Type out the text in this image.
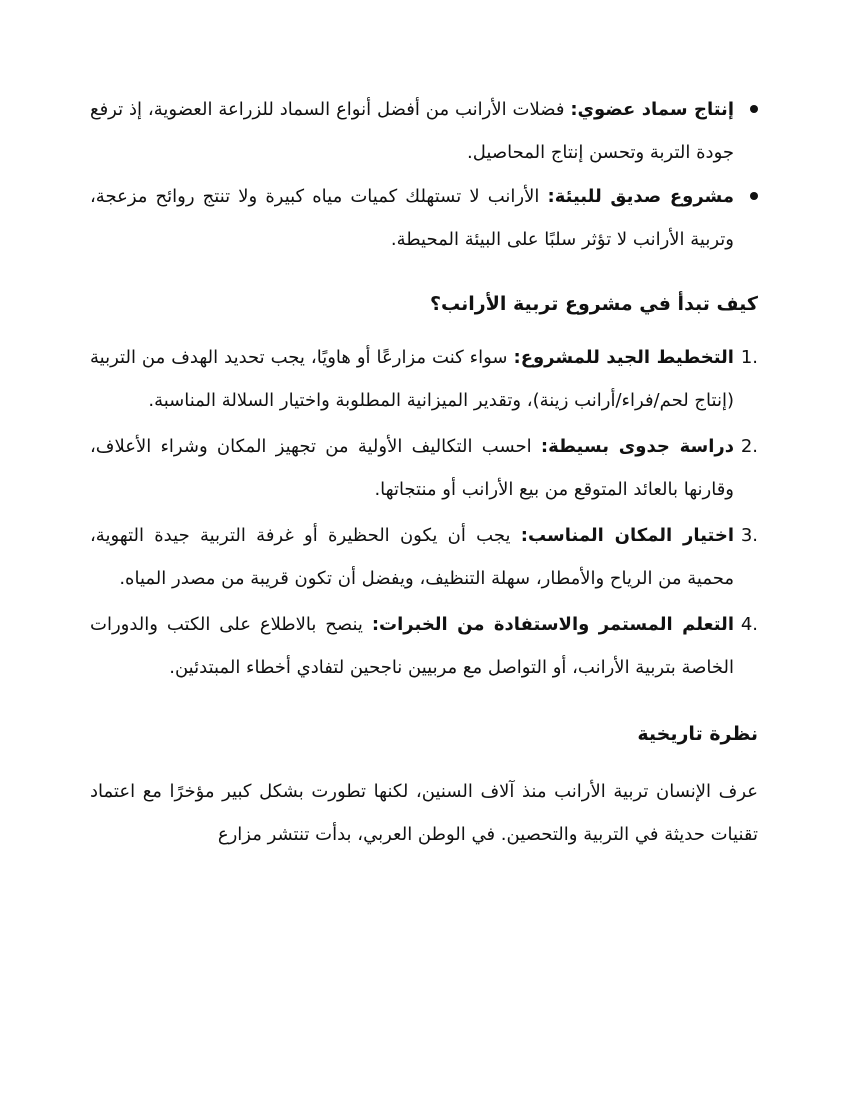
إنتاج سماد عضوي: فضلات الأرانب من أفضل أنواع السماد للزراعة العضوية، إذ ترفع جودة التربة وتحسن إنتاج المحاصيل.

مشروع صديق للبيئة: الأرانب لا تستهلك كميات مياه كبيرة ولا تنتج روائح مزعجة، وتربية الأرانب لا تؤثر سلبًا على البيئة المحيطة.

كيف تبدأ في مشروع تربية الأرانب؟
1.

التخطيط الجيد للمشروع: سواء كنت مزارعًا أو هاويًا، يجب تحديد الهدف من التربية (إنتاج لحم/فراء/أرانب زينة)، وتقدير الميزانية المطلوبة واختيار السلالة المناسبة.

2.

دراسة جدوى بسيطة: احسب التكاليف الأولية من تجهيز المكان وشراء الأعلاف، وقارنها بالعائد المتوقع من بيع الأرانب أو منتجاتها.

3.

اختيار المكان المناسب: يجب أن يكون الحظيرة أو غرفة التربية جيدة التهوية، محمية من الرياح والأمطار، سهلة التنظيف، ويفضل أن تكون قريبة من مصدر المياه.

4.

التعلم المستمر والاستفادة من الخبرات: ينصح بالاطلاع على الكتب والدورات الخاصة بتربية الأرانب، أو التواصل مع مربيين ناجحين لتفادي أخطاء المبتدئين.

نظرة تاريخية

عرف الإنسان تربية الأرانب منذ آلاف السنين، لكنها تطورت بشكل كبير مؤخرًا مع اعتماد تقنيات حديثة في التربية والتحصين. في الوطن العربي، بدأت تنتشر مزارع
